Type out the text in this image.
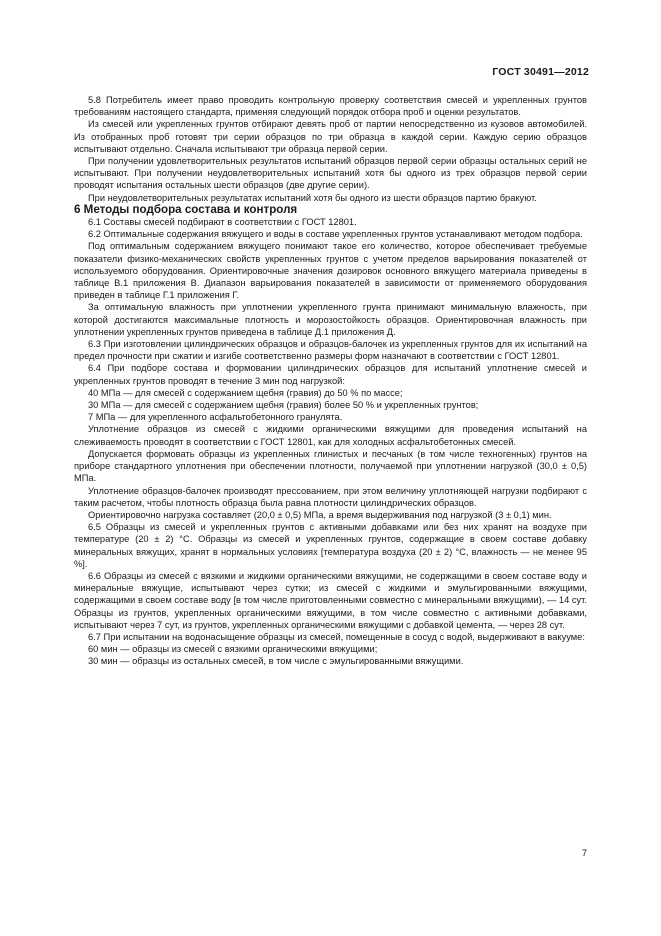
ГОСТ 30491—2012

5.8 Потребитель имеет право проводить контрольную проверку соответствия смесей и укрепленных грунтов требованиям настоящего стандарта, применяя следующий порядок отбора проб и оценки результатов.

Из смесей или укрепленных грунтов отбирают девять проб от партии непосредственно из кузовов автомобилей. Из отобранных проб готовят три серии образцов по три образца в каждой серии. Каждую серию образцов испытывают отдельно. Сначала испытывают три образца первой серии.

При получении удовлетворительных результатов испытаний образцов первой серии образцы остальных серий не испытывают. При получении неудовлетворительных испытаний хотя бы одного из трех образцов первой серии проводят испытания остальных шести образцов (две другие серии).

При неудовлетворительных результатах испытаний хотя бы одного из шести образцов партию бракуют.

6 Методы подбора состава и контроля

6.1 Составы смесей подбирают в соответствии с ГОСТ 12801.

6.2 Оптимальные содержания вяжущего и воды в составе укрепленных грунтов устанавливают методом подбора.

Под оптимальным содержанием вяжущего понимают такое его количество, которое обеспечивает требуемые показатели физико-механических свойств укрепленных грунтов с учетом пределов варьирования показателей от используемого оборудования. Ориентировочные значения дозировок основного вяжущего материала приведены в таблице В.1 приложения В. Диапазон варьирования показателей в зависимости от применяемого оборудования приведен в таблице Г.1 приложения Г.

За оптимальную влажность при уплотнении укрепленного грунта принимают минимальную влажность, при которой достигаются максимальные плотность и морозостойкость образцов. Ориентировочная влажность при уплотнении укрепленных грунтов приведена в таблице Д.1 приложения Д.

6.3 При изготовлении цилиндрических образцов и образцов-балочек из укрепленных грунтов для их испытаний на предел прочности при сжатии и изгибе соответственно размеры форм назначают в соответствии с ГОСТ 12801.

6.4 При подборе состава и формовании цилиндрических образцов для испытаний уплотнение смесей и укрепленных грунтов проводят в течение 3 мин под нагрузкой:

40 МПа — для смесей с содержанием щебня (гравия) до 50 % по массе;

30 МПа — для смесей с содержанием щебня (гравия) более 50 % и укрепленных грунтов;

7 МПа — для укрепленного асфальтобетонного гранулята.

Уплотнение образцов из смесей с жидкими органическими вяжущими для проведения испытаний на слеживаемость проводят в соответствии с ГОСТ 12801, как для холодных асфальтобетонных смесей.

Допускается формовать образцы из укрепленных глинистых и песчаных (в том числе техногенных) грунтов на приборе стандартного уплотнения при обеспечении плотности, получаемой при уплотнении нагрузкой (30,0 ± 0,5) МПа.

Уплотнение образцов-балочек производят прессованием, при этом величину уплотняющей нагрузки подбирают с таким расчетом, чтобы плотность образца была равна плотности цилиндрических образцов.

Ориентировочно нагрузка составляет (20,0 ± 0,5) МПа, а время выдерживания под нагрузкой (3 ± 0,1) мин.

6.5 Образцы из смесей и укрепленных грунтов с активными добавками или без них хранят на воздухе при температуре (20 ± 2) °С. Образцы из смесей и укрепленных грунтов, содержащие в своем составе добавку минеральных вяжущих, хранят в нормальных условиях [температура воздуха (20 ± 2) °С, влажность — не менее 95 %].

6.6 Образцы из смесей с вязкими и жидкими органическими вяжущими, не содержащими в своем составе воду и минеральные вяжущие, испытывают через сутки; из смесей с жидкими и эмульгированными вяжущими, содержащими в своем составе воду [в том числе приготовленными совместно с минеральными вяжущими), — 14 сут. Образцы из грунтов, укрепленных органическими вяжущими, в том числе совместно с активными добавками, испытывают через 7 сут, из грунтов, укрепленных органическими вяжущими с добавкой цемента, — через 28 сут.

6.7 При испытании на водонасыщение образцы из смесей, помещенные в сосуд с водой, выдерживают в вакууме:

60 мин — образцы из смесей с вязкими органическими вяжущими;

30 мин — образцы из остальных смесей, в том числе с эмульгированными вяжущими.

7
